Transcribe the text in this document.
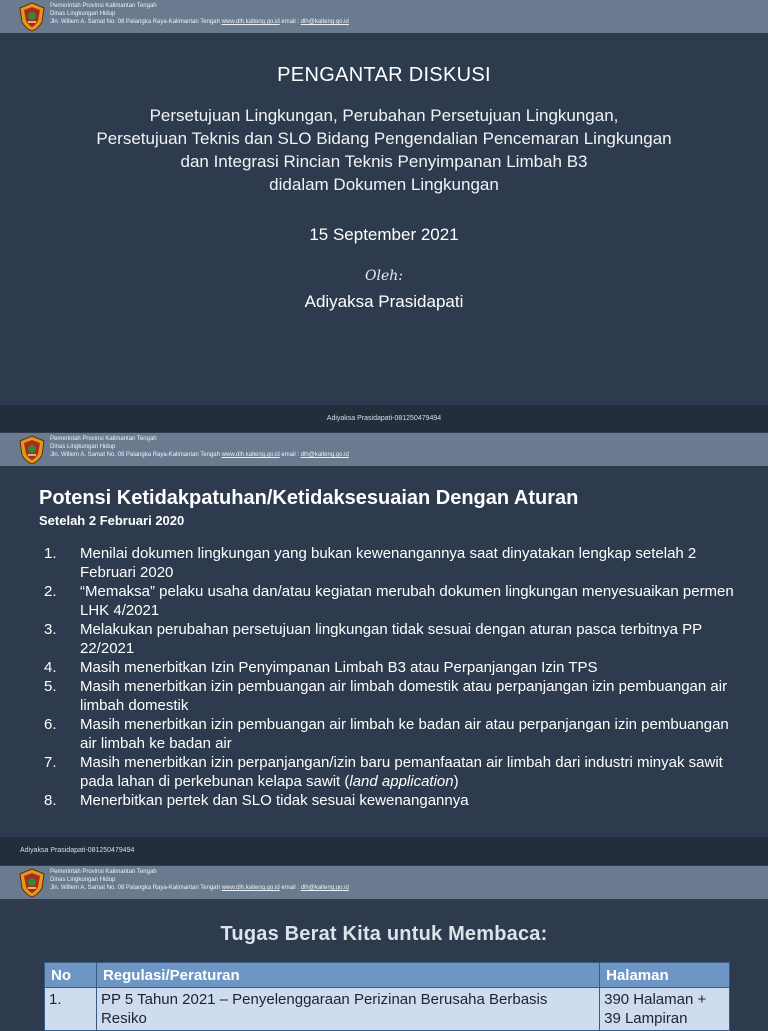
Pemerintah Provinsi Kalimantan Tengah
Dinas Lingkungan Hidup
Jln. Willem A. Samat No. 08 Palangka Raya-Kalimantan Tengah www.dlh.kalteng.go.id email : dlh@kalteng.go.id
PENGANTAR DISKUSI
Persetujuan Lingkungan, Perubahan Persetujuan Lingkungan,
Persetujuan Teknis dan SLO Bidang Pengendalian Pencemaran Lingkungan
dan Integrasi Rincian Teknis Penyimpanan Limbah B3
didalam Dokumen Lingkungan
15 September 2021
Oleh:
Adiyaksa Prasidapati
Adiyaksa Prasidapati-081250479494
Pemerintah Provinsi Kalimantan Tengah
Dinas Lingkungan Hidup
Jln. Willem A. Samat No. 08 Palangka Raya-Kalimantan Tengah www.dlh.kalteng.go.id email : dlh@kalteng.go.id
Potensi Ketidakpatuhan/Ketidaksesuaian Dengan Aturan
Setelah 2 Februari 2020
1.	Menilai dokumen lingkungan yang bukan kewenangannya saat dinyatakan lengkap setelah 2 Februari 2020
2.	“Memaksa” pelaku usaha dan/atau kegiatan merubah dokumen lingkungan menyesuaikan permen LHK 4/2021
3.	Melakukan perubahan persetujuan lingkungan tidak sesuai dengan aturan pasca terbitnya PP 22/2021
4.	Masih menerbitkan Izin Penyimpanan Limbah B3 atau Perpanjangan Izin TPS
5.	Masih menerbitkan izin pembuangan air limbah domestik atau perpanjangan izin pembuangan air limbah domestik
6.	Masih menerbitkan izin pembuangan air limbah ke badan air atau perpanjangan izin pembuangan air limbah ke badan air
7.	Masih menerbitkan izin perpanjangan/izin baru pemanfaatan air limbah dari industri minyak sawit pada lahan di perkebunan kelapa sawit (land application)
8.	Menerbitkan pertek dan SLO tidak sesuai kewenangannya
Adiyaksa Prasidapati-081250479494
Pemerintah Provinsi Kalimantan Tengah
Dinas Lingkungan Hidup
Jln. Willem A. Samat No. 08 Palangka Raya-Kalimantan Tengah www.dlh.kalteng.go.id email : dlh@kalteng.go.id
Tugas Berat Kita untuk Membaca:
No	Regulasi/Peraturan	Halaman
1.	PP 5 Tahun 2021 – Penyelenggaraan Perizinan Berusaha Berbasis Resiko	390 Halaman + 39 Lampiran
